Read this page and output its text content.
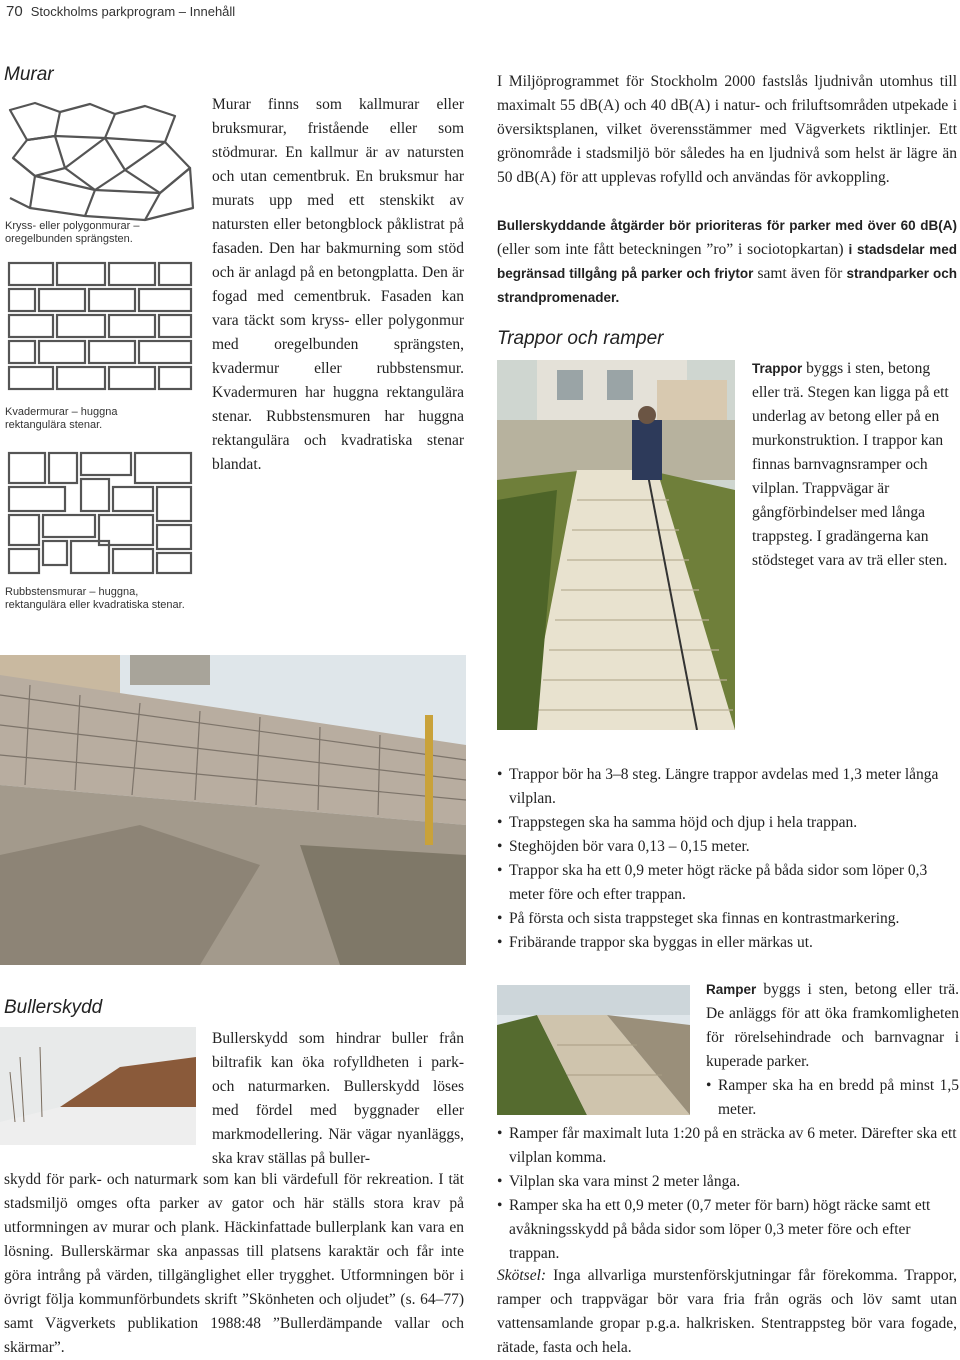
70 Stockholms parkprogram – Innehåll
Murar
Kryss- eller polygonmurar – oregelbunden sprängsten.
Kvadermurar – huggna rektangulära stenar.
Rubbstensmurar – huggna, rektangulära eller kvadratiska stenar.
Murar finns som kallmurar eller bruksmurar, fristående eller som stödmurar. En kallmur är av natursten och utan cementbruk. En bruksmur har murats upp med ett stenskikt av natursten eller betongblock påklistrat på fasaden. Den har bakmurning som stöd och är anlagd på en betongplatta. Den är fogad med cementbruk. Fasaden kan vara täckt som kryss- eller polygonmur med oregelbunden sprängsten, kvadermur eller rubbstensmur. Kvadermuren har huggna rektangulära stenar. Rubbstensmuren har huggna rektangulära och kvadratiska stenar blandat.
I Miljöprogrammet för Stockholm 2000 fastslås ljudnivån utomhus till maximalt 55 dB(A) och 40 dB(A) i natur- och friluftsområden utpekade i översiktsplanen, vilket överensstämmer med Vägverkets riktlinjer. Ett grönområde i stadsmiljö bör således ha en ljudnivå som helst är lägre än 50 dB(A) för att upplevas rofylld och användas för avkoppling.
Bullerskyddande åtgärder bör prioriteras för parker med över 60 dB(A) (eller som inte fått beteckningen ”ro” i sociotopkartan) i stadsdelar med begränsad tillgång på parker och friytor samt även för strandparker och strandpromenader.
Trappor och ramper
Trappor byggs i sten, betong eller trä. Stegen kan ligga på ett underlag av betong eller på en murkonstruktion. I trappor kan finnas barnvagnsramper och vilplan. Trappvägar är gångförbindelser med långa trappsteg. I gradängerna kan stödsteget vara av trä eller sten.
• Trappor bör ha 3–8 steg. Längre trappor avdelas med 1,3 meter långa vilplan.
• Trappstegen ska ha samma höjd och djup i hela trappan.
• Steghöjden bör vara 0,13 – 0,15 meter.
• Trappor ska ha ett 0,9 meter högt räcke på båda sidor som löper 0,3 meter före och efter trappan.
• På första och sista trappsteget ska finnas en kontrastmarkering.
• Fribärande trappor ska byggas in eller märkas ut.
Bullerskydd
Bullerskydd som hindrar buller från biltrafik kan öka rofylldheten i park- och naturmarken. Bullerskydd löses med fördel med byggnader eller markmodellering. När vägar nyanläggs, ska krav ställas på buller-
skydd för park- och naturmark som kan bli värdefull för rekreation. I tät stadsmiljö omges ofta parker av gator och här ställs stora krav på utformningen av murar och plank. Häckinfattade bullerplank kan vara en lösning. Bullerskärmar ska anpassas till platsens karaktär och får inte göra intrång på värden, tillgänglighet eller trygghet. Utformningen bör i övrigt följa kommunförbundets skrift ”Skönheten och oljudet” (s. 64–77) samt Vägverkets publikation 1988:48 ”Bullerdämpande vallar och skärmar”.
Ramper byggs i sten, betong eller trä. De anläggs för att öka framkomligheten för rörelsehindrade och barnvagnar i kuperade parker.
• Ramper ska ha en bredd på minst 1,5 meter.
• Ramper får maximalt luta 1:20 på en sträcka av 6 meter. Därefter ska ett vilplan komma.
• Vilplan ska vara minst 2 meter långa.
• Ramper ska ha ett 0,9 meter (0,7 meter för barn) högt räcke samt ett avåkningsskydd på båda sidor som löper 0,3 meter före och efter trappan.
Skötsel: Inga allvarliga murstenförskjutningar får förekomma. Trappor, ramper och trappvägar bör vara fria från ogräs och löv samt utan vattensamlande gropar p.g.a. halkrisken. Stentrappsteg bör vara fogade, rätade, fasta och hela.
